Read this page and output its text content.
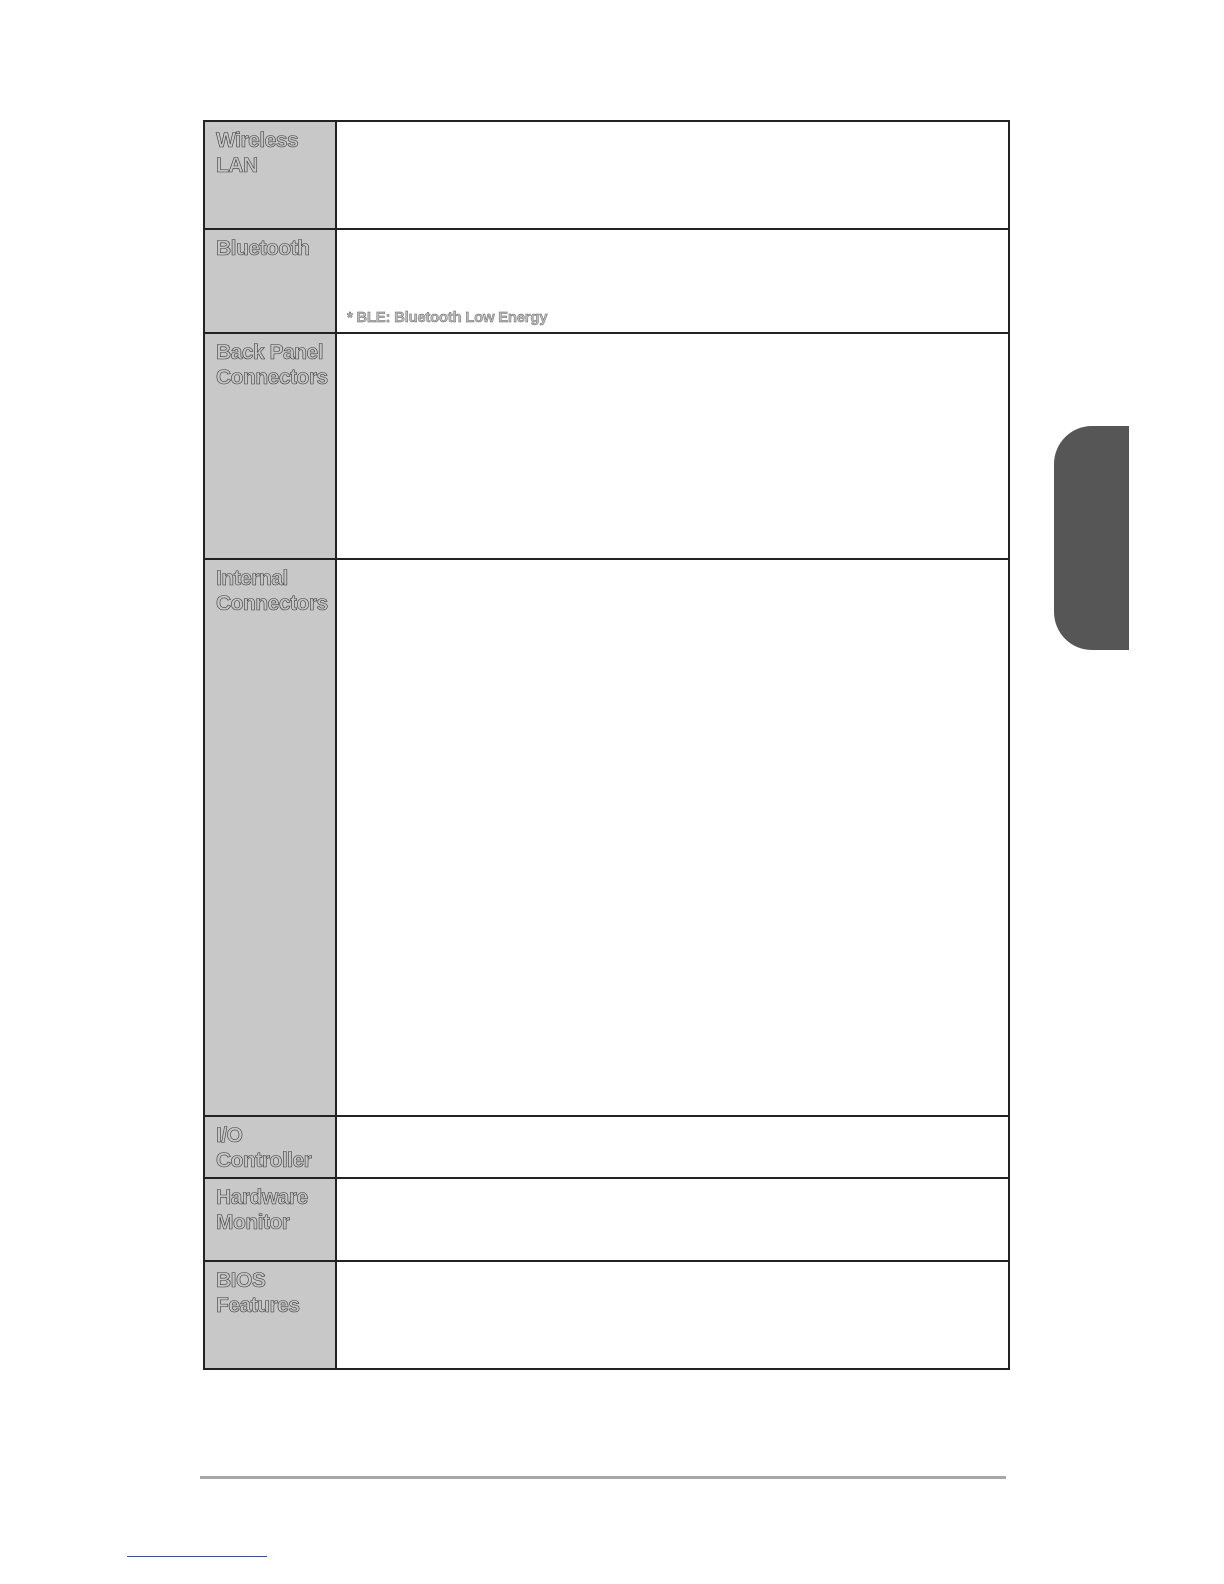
Wireless
LAN	

Bluetooth	* BLE: Bluetooth Low Energy

Back Panel
Connectors	

Internal
Connectors	

I/O
Controller	

Hardware
Monitor	

BIOS
Features	
